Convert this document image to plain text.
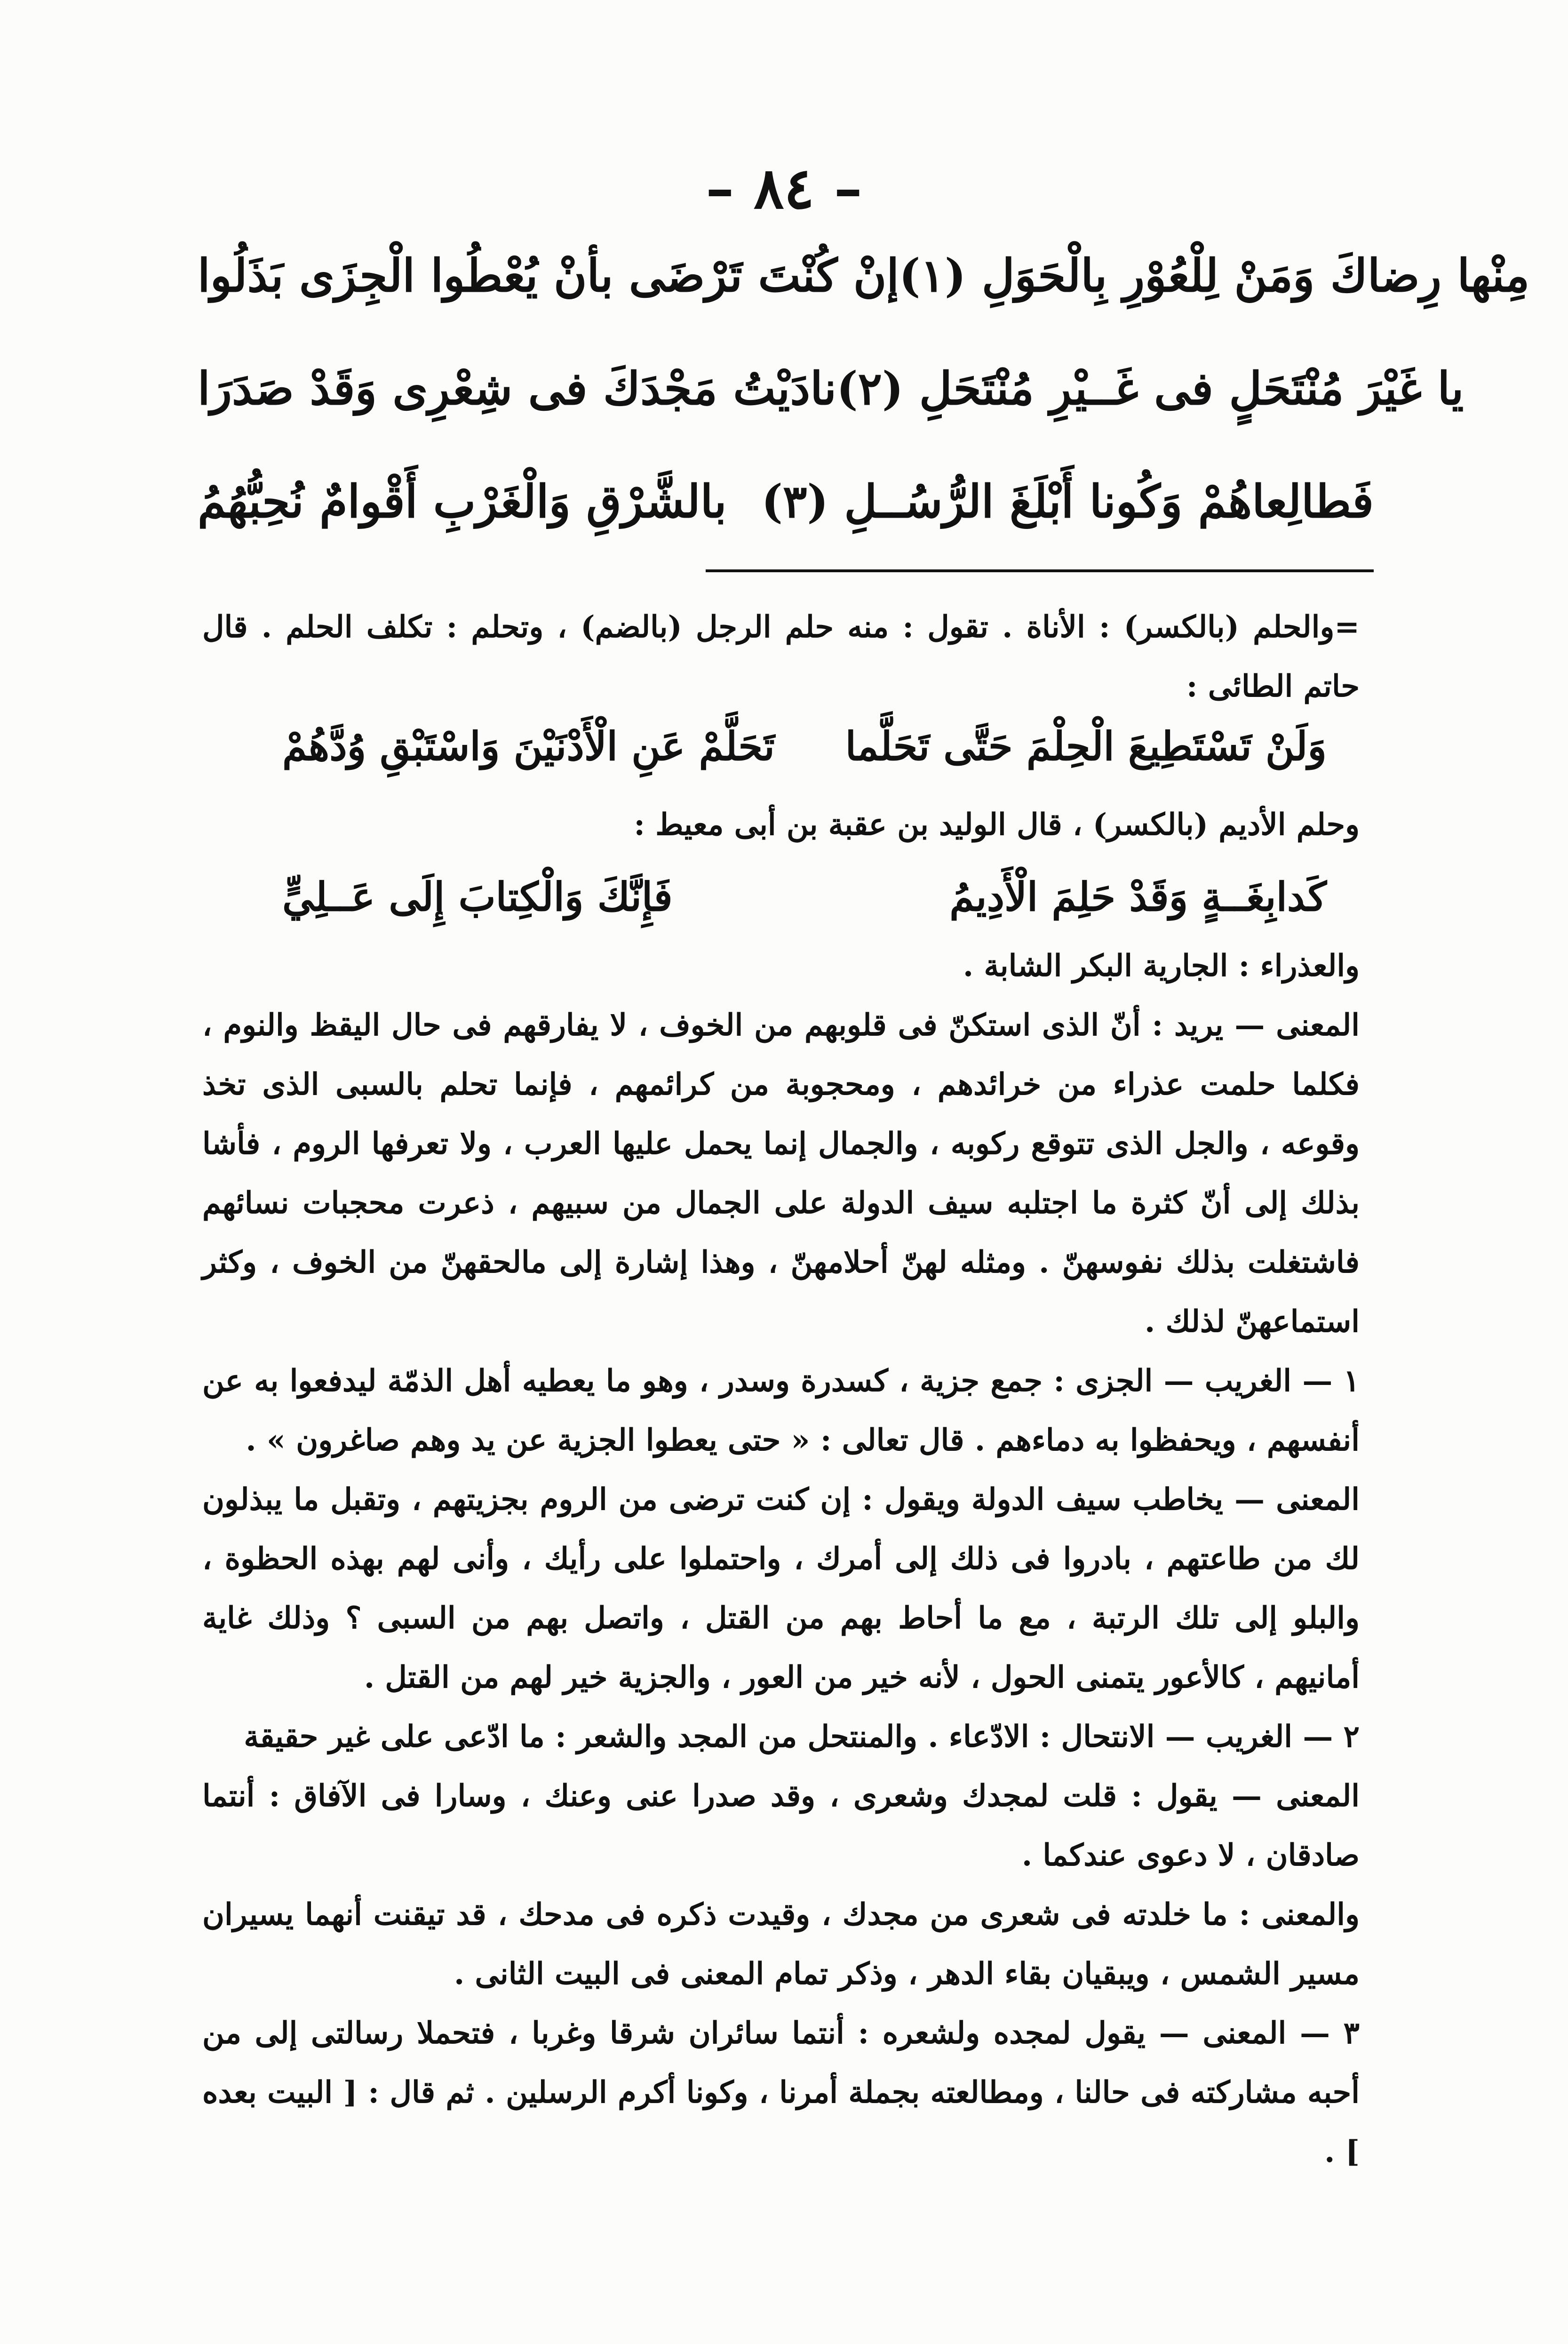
– ٨٤ –
إنْ كُنْتَ تَرْضَى بأنْ يُعْطُوا الْجِزَى بَذَلُوا مِنْها رِضاكَ وَمَنْ لِلْعُوْرِ بِالْحَوَلِ (١)
نادَيْتُ مَجْدَكَ فى شِعْرِى وَقَدْ صَدَرَا يا غَيْرَ مُنْتَحَلٍ فى غَــيْرِ مُنْتَحَلِ (٢)
بالشَّرْقِ وَالْغَرْبِ أَقْوامٌ نُحِبُّهُمُ فَطالِعاهُمْ وَكُونا أَبْلَغَ الرُّسُــلِ (٣)

=والحلم (بالكسر) : الأناة . تقول : منه حلم الرجل (بالضم) ، وتحلم : تكلف الحلم . قال حاتم الطائى :

تَحَلَّمْ عَنِ الْأَدْنَيْنَ وَاسْتَبْقِ وُدَّهُمْ وَلَنْ تَسْتَطِيعَ الْحِلْمَ حَتَّى تَحَلَّما

وحلم الأديم (بالكسر) ، قال الوليد بن عقبة بن أبى معيط :

فَإِنَّكَ وَالْكِتابَ إِلَى عَــلِيٍّ	كَدابِغَــةٍ وَقَدْ حَلِمَ الْأَدِيمُ

والعذراء : الجارية البكر الشابة .

المعنى — يريد : أنّ الذى استكنّ فى قلوبهم من الخوف ، لا يفارقهم فى حال اليقظ والنوم ، فكلما حلمت عذراء من خرائدهم ، ومحجوبة من كرائمهم ، فإنما تحلم بالسبى الذى تخذ وقوعه ، والجل الذى تتوقع ركوبه ، والجمال إنما يحمل عليها العرب ، ولا تعرفها الروم ، فأشا بذلك إلى أنّ كثرة ما اجتلبه سيف الدولة على الجمال من سبيهم ، ذعرت محجبات نسائهم فاشتغلت بذلك نفوسهنّ . ومثله لهنّ أحلامهنّ ، وهذا إشارة إلى مالحقهنّ من الخوف ، وكثر استماعهنّ لذلك .

١ — الغريب — الجزى : جمع جزية ، كسدرة وسدر ، وهو ما يعطيه أهل الذمّة ليدفعوا به عن أنفسهم ، ويحفظوا به دماءهم . قال تعالى : « حتى يعطوا الجزية عن يد وهم صاغرون » .

المعنى — يخاطب سيف الدولة ويقول : إن كنت ترضى من الروم بجزيتهم ، وتقبل ما يبذلون لك من طاعتهم ، بادروا فى ذلك إلى أمرك ، واحتملوا على رأيك ، وأنى لهم بهذه الحظوة ، والبلو إلى تلك الرتبة ، مع ما أحاط بهم من القتل ، واتصل بهم من السبى ؟ وذلك غاية أمانيهم ، كالأعور يتمنى الحول ، لأنه خير من العور ، والجزية خير لهم من القتل .

٢ — الغريب — الانتحال : الادّعاء . والمنتحل من المجد والشعر : ما ادّعى على غير حقيقة

المعنى — يقول : قلت لمجدك وشعرى ، وقد صدرا عنى وعنك ، وسارا فى الآفاق : أنتما صادقان ، لا دعوى عندكما .

والمعنى : ما خلدته فى شعرى من مجدك ، وقيدت ذكره فى مدحك ، قد تيقنت أنهما يسيران مسير الشمس ، ويبقيان بقاء الدهر ، وذكر تمام المعنى فى البيت الثانى .

٣ — المعنى — يقول لمجده ولشعره : أنتما سائران شرقا وغربا ، فتحملا رسالتى إلى من أحبه مشاركته فى حالنا ، ومطالعته بجملة أمرنا ، وكونا أكرم الرسلين . ثم قال : [ البيت بعده ] .
